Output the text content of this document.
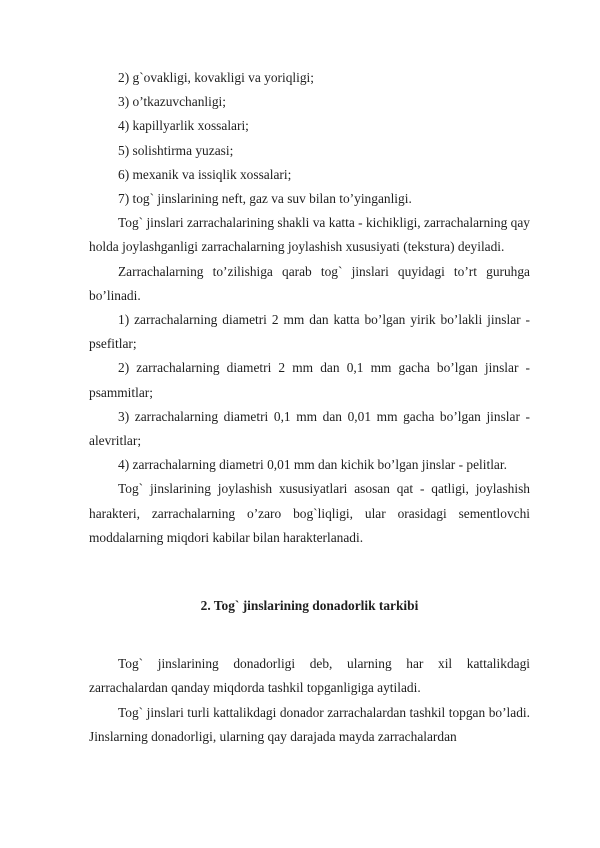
2) g`ovakligi, kovakligi va yoriqligi;

3) o’tkazuvchanligi;

4) kapillyarlik xossalari;

5) solishtirma yuzasi;

6) mexanik va issiqlik xossalari;

7) tog` jinslarining neft, gaz va suv bilan to’yinganligi.

Tog` jinslari zarrachalarining shakli va katta - kichikligi, zarrachalarning qay holda joylashganligi zarrachalarning joylashish xususiyati (tekstura) deyiladi.

Zarrachalarning to’zilishiga qarab tog` jinslari quyidagi to’rt guruhga bo’linadi.

1) zarrachalarning diametri 2 mm dan katta bo’lgan yirik bo’lakli jinslar - psefitlar;

2) zarrachalarning diametri 2 mm dan 0,1 mm gacha bo’lgan jinslar - psammitlar;

3) zarrachalarning diametri 0,1 mm dan 0,01 mm gacha bo’lgan jinslar - alevritlar;

4) zarrachalarning diametri 0,01 mm dan kichik bo’lgan jinslar - pelitlar.

Tog` jinslarining joylashish xususiyatlari asosan qat - qatligi, joylashish harakteri, zarrachalarning o’zaro bog`liqligi, ular orasidagi sementlovchi moddalarning miqdori kabilar bilan harakterlanadi.

2. Tog` jinslarining donadorlik tarkibi

Tog` jinslarining donadorligi deb, ularning har xil kattalikdagi zarrachalardan qanday miqdorda tashkil topganligiga aytiladi.

Tog` jinslari turli kattalikdagi donador zarrachalardan tashkil topgan bo’ladi. Jinslarning donadorligi, ularning qay darajada mayda zarrachalardan
